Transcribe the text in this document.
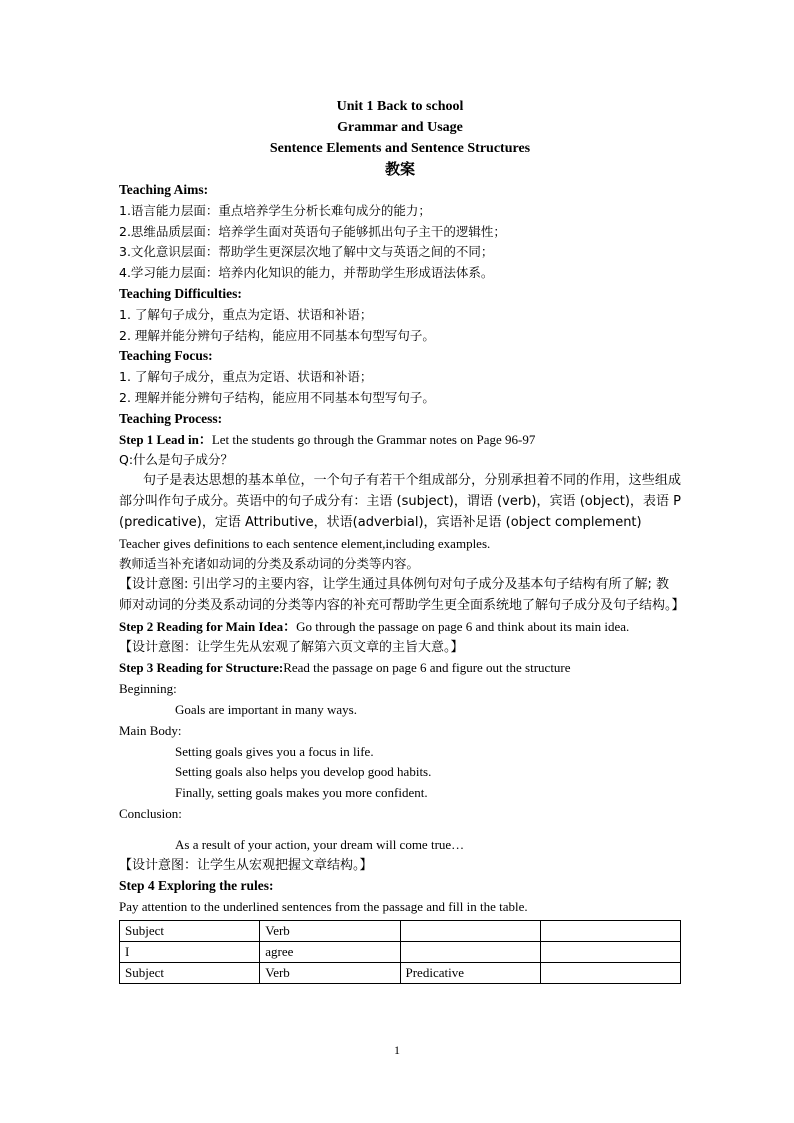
Unit 1 Back to school
Grammar and Usage
Sentence Elements and Sentence Structures
教案
Teaching Aims:
1.语言能力层面：重点培养学生分析长难句成分的能力；
2.思维品质层面：培养学生面对英语句子能够抓出句子主干的逻辑性；
3.文化意识层面：帮助学生更深层次地了解中文与英语之间的不同；
4.学习能力层面：培养内化知识的能力，并帮助学生形成语法体系。
Teaching Difficulties:
1. 了解句子成分，重点为定语、状语和补语；
2. 理解并能分辨句子结构，能应用不同基本句型写句子。
Teaching Focus:
1. 了解句子成分，重点为定语、状语和补语；
2. 理解并能分辨句子结构，能应用不同基本句型写句子。
Teaching Process:
Step 1 Lead in：Let the students go through the Grammar notes on Page 96-97
Q:什么是句子成分？
句子是表达思想的基本单位，一个句子有若干个组成部分，分别承担着不同的作用，这些组成部分叫作句子成分。英语中的句子成分有：主语 (subject)，谓语 (verb)，宾语 (object)，表语 P (predicative)，定语 Attributive，状语(adverbial)，宾语补足语 (object complement)
Teacher gives definitions to each sentence element,including examples.
教师适当补充诸如动词的分类及系动词的分类等内容。
【设计意图: 引出学习的主要内容，让学生通过具体例句对句子成分及基本句子结构有所了解; 教师对动词的分类及系动词的分类等内容的补充可帮助学生更全面系统地了解句子成分及句子结构。】
Step 2 Reading for Main Idea：Go through the passage on page 6 and think about its main idea.
【设计意图：让学生先从宏观了解第六页文章的主旨大意。】
Step 3 Reading for Structure:Read the passage on page 6 and figure out the structure
Beginning:
Goals are important in many ways.
Main Body:
Setting goals gives you a focus in life.
Setting goals also helps you develop good habits.
Finally, setting goals makes you more confident.
Conclusion:
As a result of your action, your dream will come true…
【设计意图：让学生从宏观把握文章结构。】
Step 4 Exploring the rules:
Pay attention to the underlined sentences from the passage and fill in the table.
Subject	Verb		
I	agree		
Subject	Verb	Predicative	
1
